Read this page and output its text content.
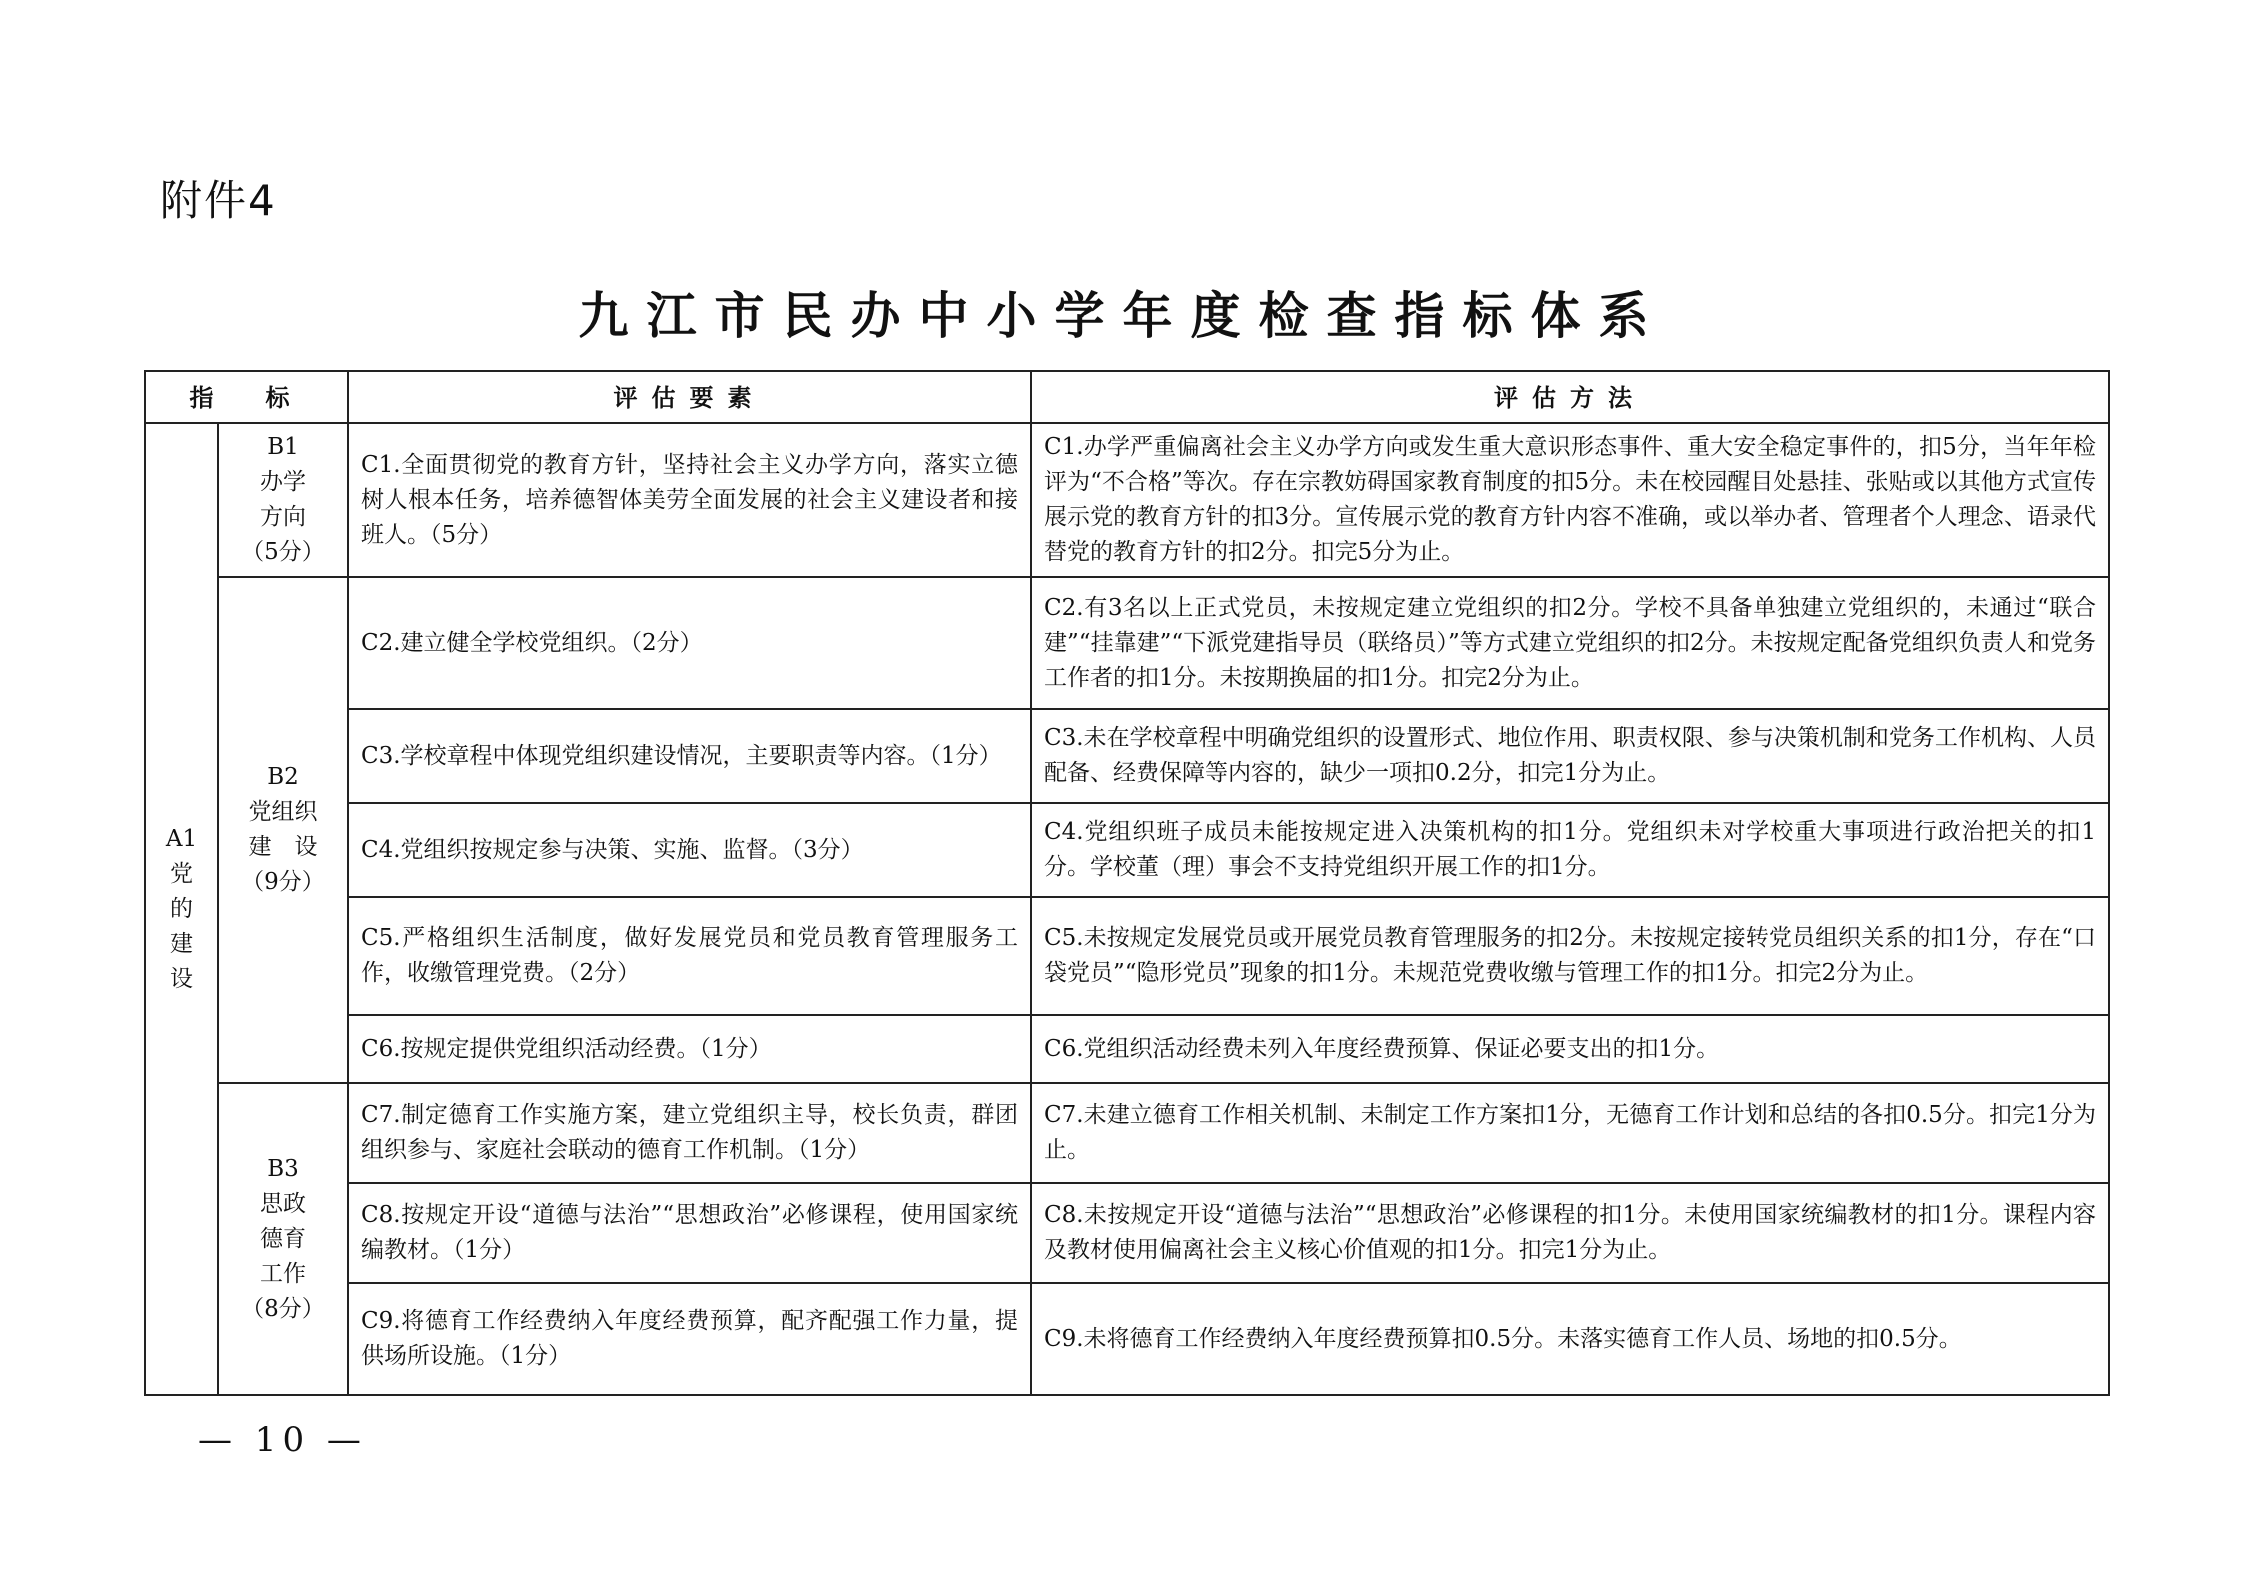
附件4
九江市民办中小学年度检查指标体系
指　标		评估要素	评估方法

A1
党
的
建
设	B1
办学
方向
（5分）	C1.全面贯彻党的教育方针，坚持社会主义办学方向，落实立德树人根本任务，培养德智体美劳全面发展的社会主义建设者和接班人。（5分）	C1.办学严重偏离社会主义办学方向或发生重大意识形态事件、重大安全稳定事件的，扣5分，当年年检评为“不合格”等次。存在宗教妨碍国家教育制度的扣5分。未在校园醒目处悬挂、张贴或以其他方式宣传展示党的教育方针的扣3分。宣传展示党的教育方针内容不准确，或以举办者、管理者个人理念、语录代替党的教育方针的扣2分。扣完5分为止。

	B2
党组织
建　设
（9分）	C2.建立健全学校党组织。（2分）	C2.有3名以上正式党员，未按规定建立党组织的扣2分。学校不具备单独建立党组织的，未通过“联合建”“挂靠建”“下派党建指导员（联络员）”等方式建立党组织的扣2分。未按规定配备党组织负责人和党务工作者的扣1分。未按期换届的扣1分。扣完2分为止。
		C3.学校章程中体现党组织建设情况，主要职责等内容。（1分）	C3.未在学校章程中明确党组织的设置形式、地位作用、职责权限、参与决策机制和党务工作机构、人员配备、经费保障等内容的，缺少一项扣0.2分，扣完1分为止。
		C4.党组织按规定参与决策、实施、监督。（3分）	C4.党组织班子成员未能按规定进入决策机构的扣1分。党组织未对学校重大事项进行政治把关的扣1分。学校董（理）事会不支持党组织开展工作的扣1分。
		C5.严格组织生活制度，做好发展党员和党员教育管理服务工作，收缴管理党费。（2分）	C5.未按规定发展党员或开展党员教育管理服务的扣2分。未按规定接转党员组织关系的扣1分，存在“口袋党员”“隐形党员”现象的扣1分。未规范党费收缴与管理工作的扣1分。扣完2分为止。
		C6.按规定提供党组织活动经费。（1分）	C6.党组织活动经费未列入年度经费预算、保证必要支出的扣1分。

	B3
思政
德育
工作
（8分）	C7.制定德育工作实施方案，建立党组织主导，校长负责，群团组织参与、家庭社会联动的德育工作机制。（1分）	C7.未建立德育工作相关机制、未制定工作方案扣1分，无德育工作计划和总结的各扣0.5分。扣完1分为止。
		C8.按规定开设“道德与法治”“思想政治”必修课程，使用国家统编教材。（1分）	C8.未按规定开设“道德与法治”“思想政治”必修课程的扣1分。未使用国家统编教材的扣1分。课程内容及教材使用偏离社会主义核心价值观的扣1分。扣完1分为止。
		C9.将德育工作经费纳入年度经费预算，配齐配强工作力量，提供场所设施。（1分）	C9.未将德育工作经费纳入年度经费预算扣0.5分。未落实德育工作人员、场地的扣0.5分。
— 10 —
